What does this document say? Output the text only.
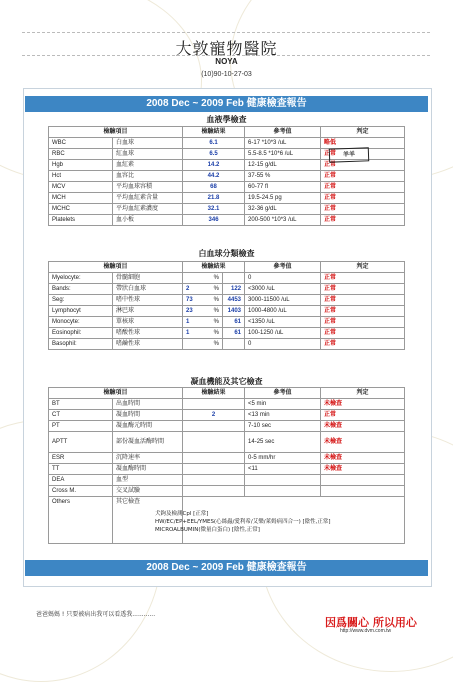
大敦寵物醫院
NOYA
(10)90-10-27-03
2008 Dec ~ 2009 Feb 健康檢查報告
血液學檢查
檢驗項目		檢驗結果	參考值	判定
WBC	白血球	6.1	6-17 *10*3 /uL	略低
RBC	紅血球	6.5	5.5-8.5 *10*6 /uL	正常
Hgb	血紅素	14.2	12-15 g/dL	正常
Hct	血容比	44.2	37-55 %	正常
MCV	平均血球容積	68	60-77 fl	正常
MCH	平均血紅素含量	21.8	19.5-24.5 pg	正常
MCHC	平均血紅素濃度	32.1	32-36 g/dL	正常
Platelets	血小板	346	200-500 *10*3 /uL	正常
羊羊
白血球分類檢查
檢驗項目		檢驗結果		參考值	判定
Myelocyte:	骨髓細胞	%		0	正常
Bands:	帶狀白血球	2 %	122	<3000 /uL	正常
Seg:	嗜中性球	73 %	4453	3000-11500 /uL	正常
Lymphocyt	淋巴球	23 %	1403	1000-4800 /uL	正常
Monocyte:	單核球	1 %	61	<1350 /uL	正常
Eosinophil:	嗜酸性球	1 %	61	100-1250 /uL	正常
Basophil:	嗜鹼性球	%		0	正常
凝血機能及其它檢查
檢驗項目		檢驗結果	參考值	判定
BT	出血時間		<5 min	未檢查
CT	凝血時間	2	<13 min	正常
PT	凝血酶元時間		7-10 sec	未檢查
APTT	部份凝血活酶時間		14-25 sec	未檢查
ESR	沉降速率		0-5 mm/hr	未檢查
TT	凝血酶時間		<11	未檢查
DEA	血型			
Cross M.	交叉試驗			
Others	其它檢查			
犬鉤及檢測Cpl [正常]
HW/EC/EP+EEL/YMES(心絲蟲/愛利希/艾樂/萊姆病四合一) [陰性,正常]
MICROALBUMIN(微量白蛋白) [陰性,正常]
2008 Dec ~ 2009 Feb 健康檢查報告
爸爸媽媽 ! 只要被病出我可以看透我............
因爲關心 所以用心
http://www.dvm.com.tw
